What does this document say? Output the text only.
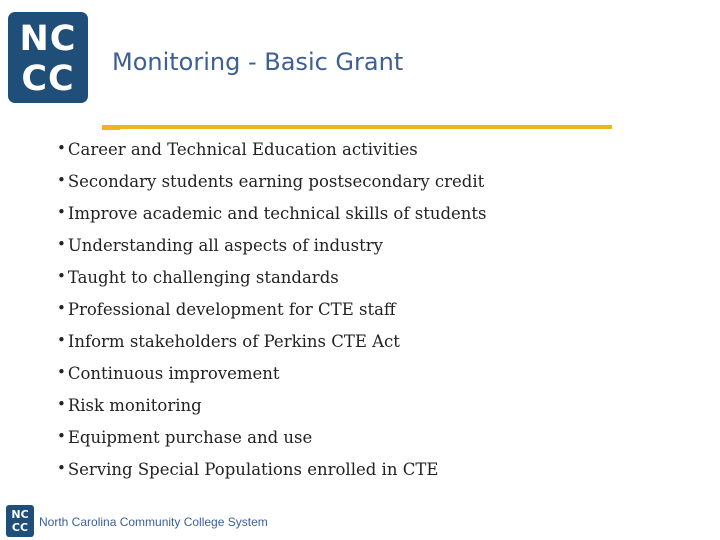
NC
CC	Monitoring - Basic Grant
• Career and Technical Education activities
• Secondary students earning postsecondary credit
• Improve academic and technical skills of students
• Understanding all aspects of industry
• Taught to challenging standards
• Professional development for CTE staff
• Inform stakeholders of Perkins CTE Act
• Continuous improvement
• Risk monitoring
• Equipment purchase and use
• Serving Special Populations enrolled in CTE
NC
CC North Carolina Community College System
